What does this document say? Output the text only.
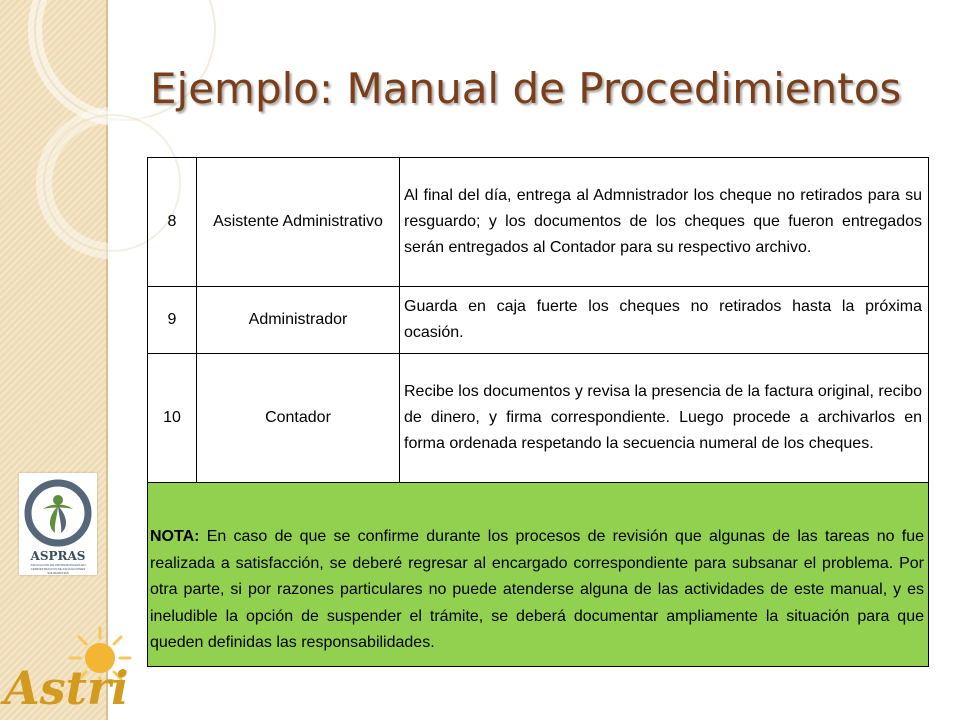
Ejemplo: Manual de Procedimientos
8	Asistente Administrativo	Al final del día, entrega al Admnistrador los cheque no retirados para su resguardo; y los documentos de los cheques que fueron entregados serán entregados al Contador para su respectivo archivo.
9	Administrador	Guarda en caja fuerte los cheques no retirados hasta la próxima ocasión.
10	Contador	Recibe los documentos y revisa la presencia de la factura original, recibo de dinero, y firma correspondiente. Luego procede a archivarlos en forma ordenada respetando la secuencia numeral de los cheques.
NOTA: En caso de que se confirme durante los procesos de revisión que algunas de las tareas no fue realizada a satisfacción, se deberé regresar al encargado correspondiente para subsanar el problema. Por otra parte, si por razones particulares no puede atenderse alguna de las actividades de este manual, y es ineludible la opción de suspender el trámite, se deberá documentar ampliamente la situación para que queden definidas las responsabilidades.		
ASPRAS
ASOCIACION DE PROFESIONALES EN ADMINISTRACION DE ASOCIACIONES SOLIDARISTAS
Astri
